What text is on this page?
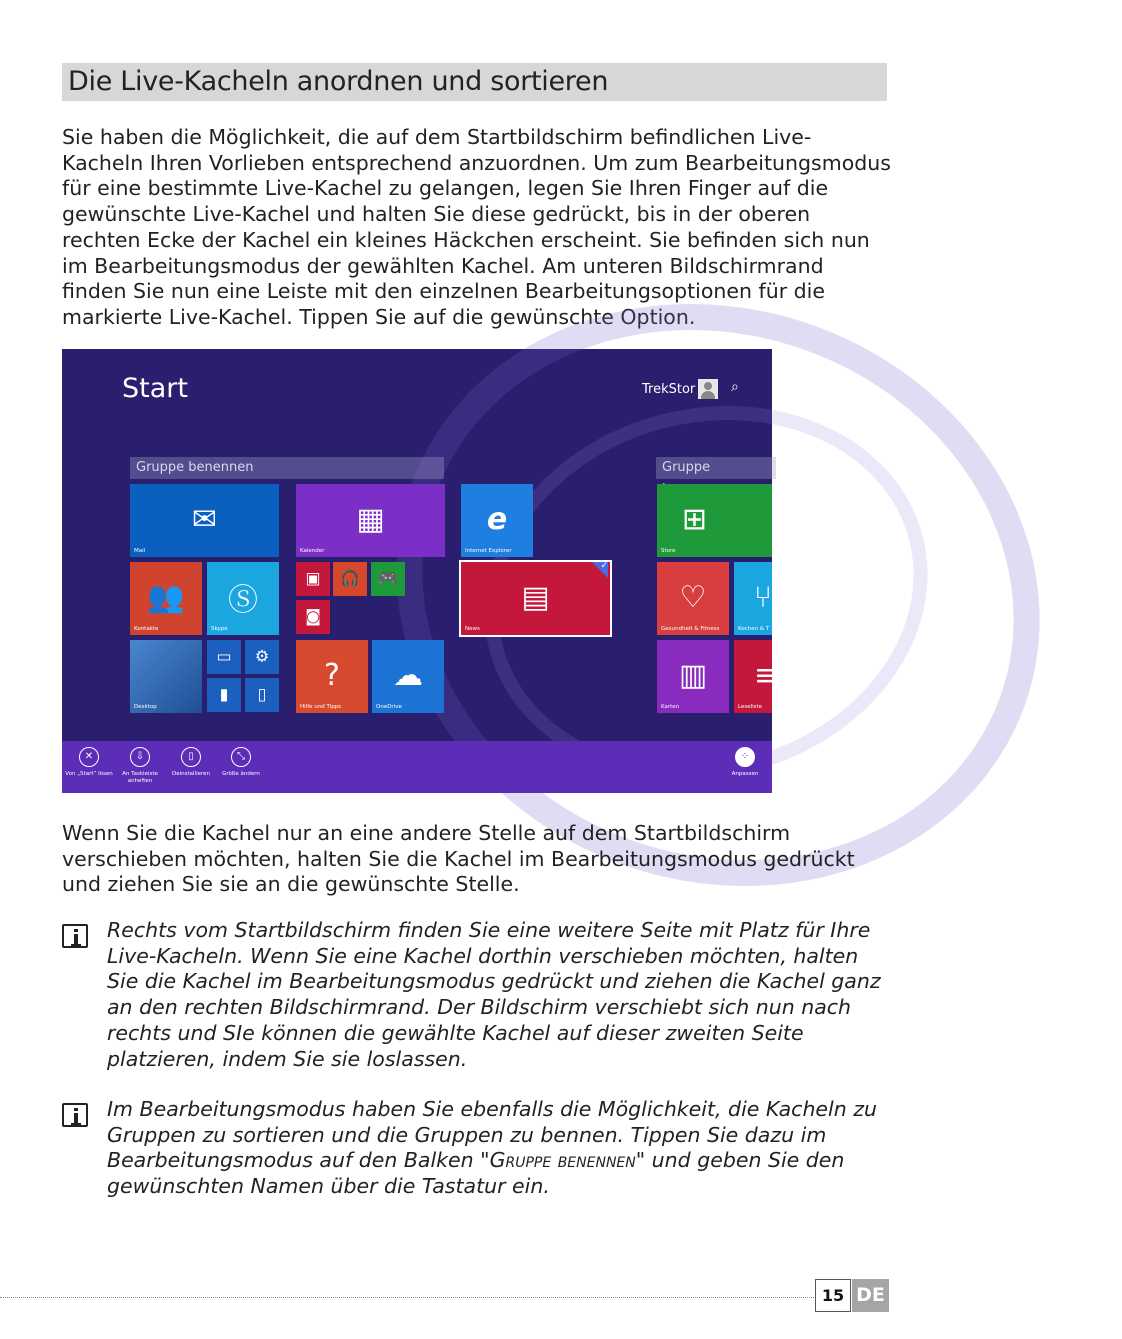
Die Live-Kacheln anordnen und sortieren

Sie haben die Möglichkeit, die auf dem Startbildschirm befindlichen Live-Kacheln Ihren Vorlieben entsprechend anzuordnen. Um zum Bearbeitungsmodus für eine bestimmte Live-Kachel zu gelangen, legen Sie Ihren Finger auf die gewünschte Live-Kachel und halten Sie diese gedrückt, bis in der oberen rechten Ecke der Kachel ein kleines Häckchen erscheint. Sie befinden sich nun im Bearbeitungsmodus der gewählten Kachel. Am unteren Bildschirmrand finden Sie nun eine Leiste mit den einzelnen Bearbeitungsoptionen für die markierte Live-Kachel. Tippen Sie auf die gewünschte Option.

Start	TrekStor	⌕
Gruppe benennen	Gruppe
✉
Mail
▦
Kalender
e
Internet Explorer
⊞
Store
👥
Kontakte
Ⓢ
Skype
▣	🎧	🎮
◙
▤
News
✓
♡
Gesundheit & Fitness
⑂
Kochen & T
Desktop
▭	⚙
▮	▯
?
Hilfe und Tipps
☁
OneDrive
▥
Karten
≡
Leseliste
✕
Von „Start“ lösen
⇩
An Taskleiste
anheften
▯
Deinstallieren
⤡
Größe ändern
⁘
Anpassen

Wenn Sie die Kachel nur an eine andere Stelle auf dem Startbildschirm verschieben möchten, halten Sie die Kachel im Bearbeitungsmodus gedrückt und ziehen Sie sie an die gewünschte Stelle.

Rechts vom Startbildschirm finden Sie eine weitere Seite mit Platz für Ihre Live-Kacheln. Wenn Sie eine Kachel dorthin verschieben möchten, halten Sie die Kachel im Bearbeitungsmodus gedrückt und ziehen die Kachel ganz an den rechten Bildschirmrand. Der Bildschirm verschiebt sich nun nach rechts und SIe können die gewählte Kachel auf dieser zweiten Seite platzieren, indem Sie sie loslassen.

Im Bearbeitungsmodus haben Sie ebenfalls die Möglichkeit, die Kacheln zu Gruppen zu sortieren und die Gruppen zu bennen. Tippen Sie dazu im Bearbeitungsmodus auf den Balken "Gruppe benennen" und geben Sie den gewünschten Namen über die Tastatur ein.

15 DE
